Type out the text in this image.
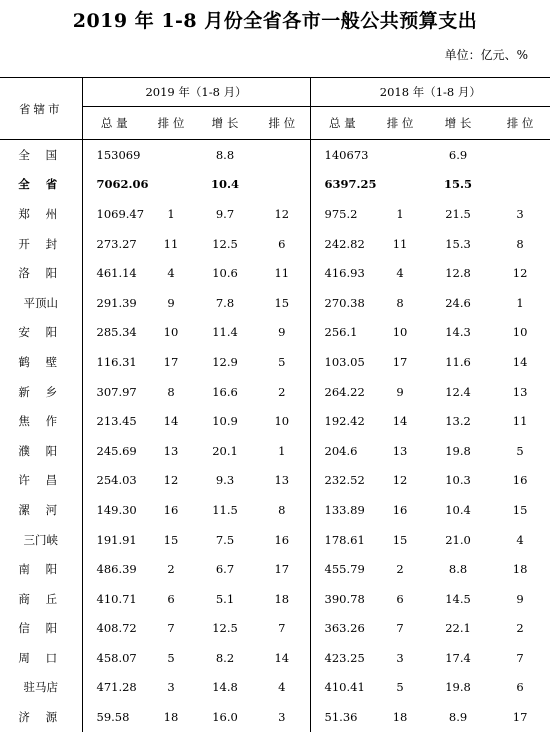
2019 年 1-8 月份全省各市一般公共预算支出
单位：亿元、%
省辖市	2019 年（1-8 月）				2018 年（1-8 月）			
	总 量	排 位	增 长	排 位	总 量	排 位	增 长	排 位
全 国	153069		8.8		140673		6.9	
全 省	7062.06		10.4		6397.25		15.5	
郑 州	1069.47	1	9.7	12	975.2	1	21.5	3
开 封	273.27	11	12.5	6	242.82	11	15.3	8
洛 阳	461.14	4	10.6	11	416.93	4	12.8	12
平顶山	291.39	9	7.8	15	270.38	8	24.6	1
安 阳	285.34	10	11.4	9	256.1	10	14.3	10
鹤 壁	116.31	17	12.9	5	103.05	17	11.6	14
新 乡	307.97	8	16.6	2	264.22	9	12.4	13
焦 作	213.45	14	10.9	10	192.42	14	13.2	11
濮 阳	245.69	13	20.1	1	204.6	13	19.8	5
许 昌	254.03	12	9.3	13	232.52	12	10.3	16
漯 河	149.30	16	11.5	8	133.89	16	10.4	15
三门峡	191.91	15	7.5	16	178.61	15	21.0	4
南 阳	486.39	2	6.7	17	455.79	2	8.8	18
商 丘	410.71	6	5.1	18	390.78	6	14.5	9
信 阳	408.72	7	12.5	7	363.26	7	22.1	2
周 口	458.07	5	8.2	14	423.25	3	17.4	7
驻马店	471.28	3	14.8	4	410.41	5	19.8	6
济 源	59.58	18	16.0	3	51.36	18	8.9	17
